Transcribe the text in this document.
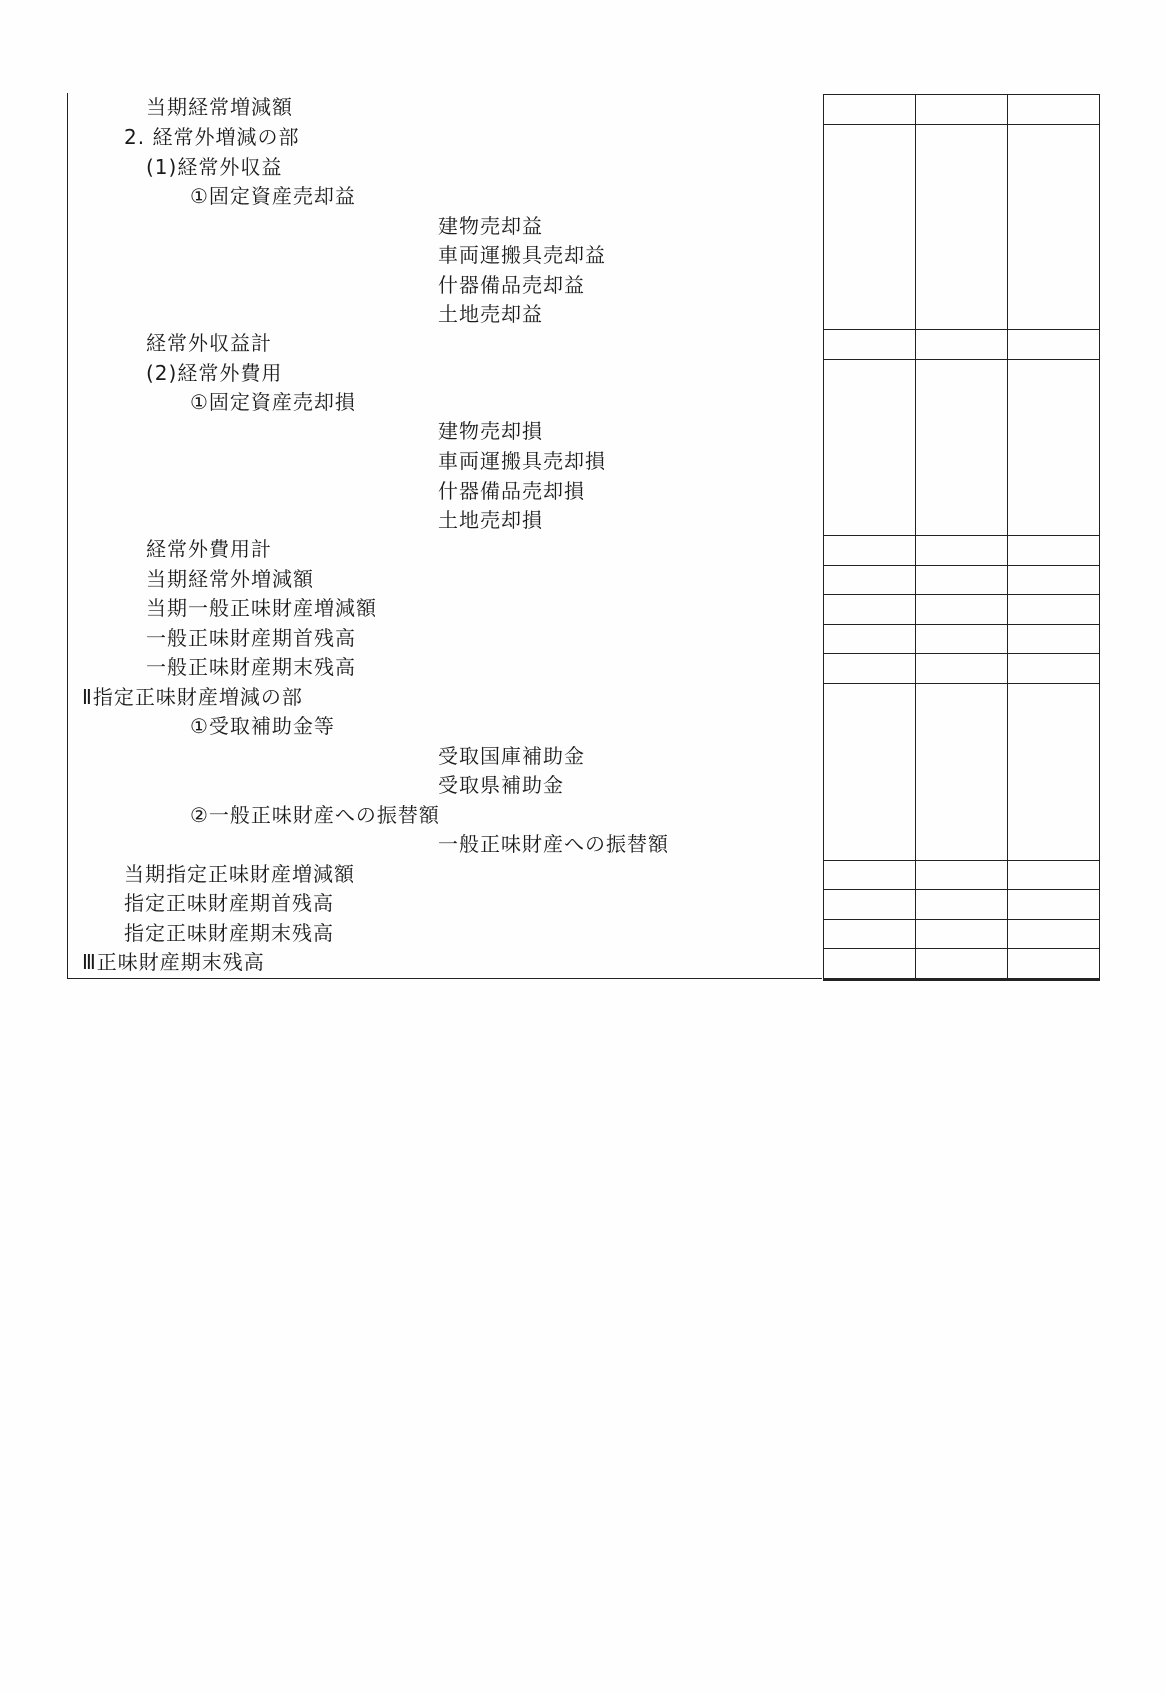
当期経常増減額
2. 経常外増減の部
(1)経常外収益
①固定資産売却益
建物売却益
車両運搬具売却益
什器備品売却益
土地売却益
経常外収益計
(2)経常外費用
①固定資産売却損
建物売却損
車両運搬具売却損
什器備品売却損
土地売却損
経常外費用計
当期経常外増減額
当期一般正味財産増減額
一般正味財産期首残高
一般正味財産期末残高
Ⅱ指定正味財産増減の部
①受取補助金等
受取国庫補助金
受取県補助金
②一般正味財産への振替額
一般正味財産への振替額
当期指定正味財産増減額
指定正味財産期首残高
指定正味財産期末残高
Ⅲ正味財産期末残高
